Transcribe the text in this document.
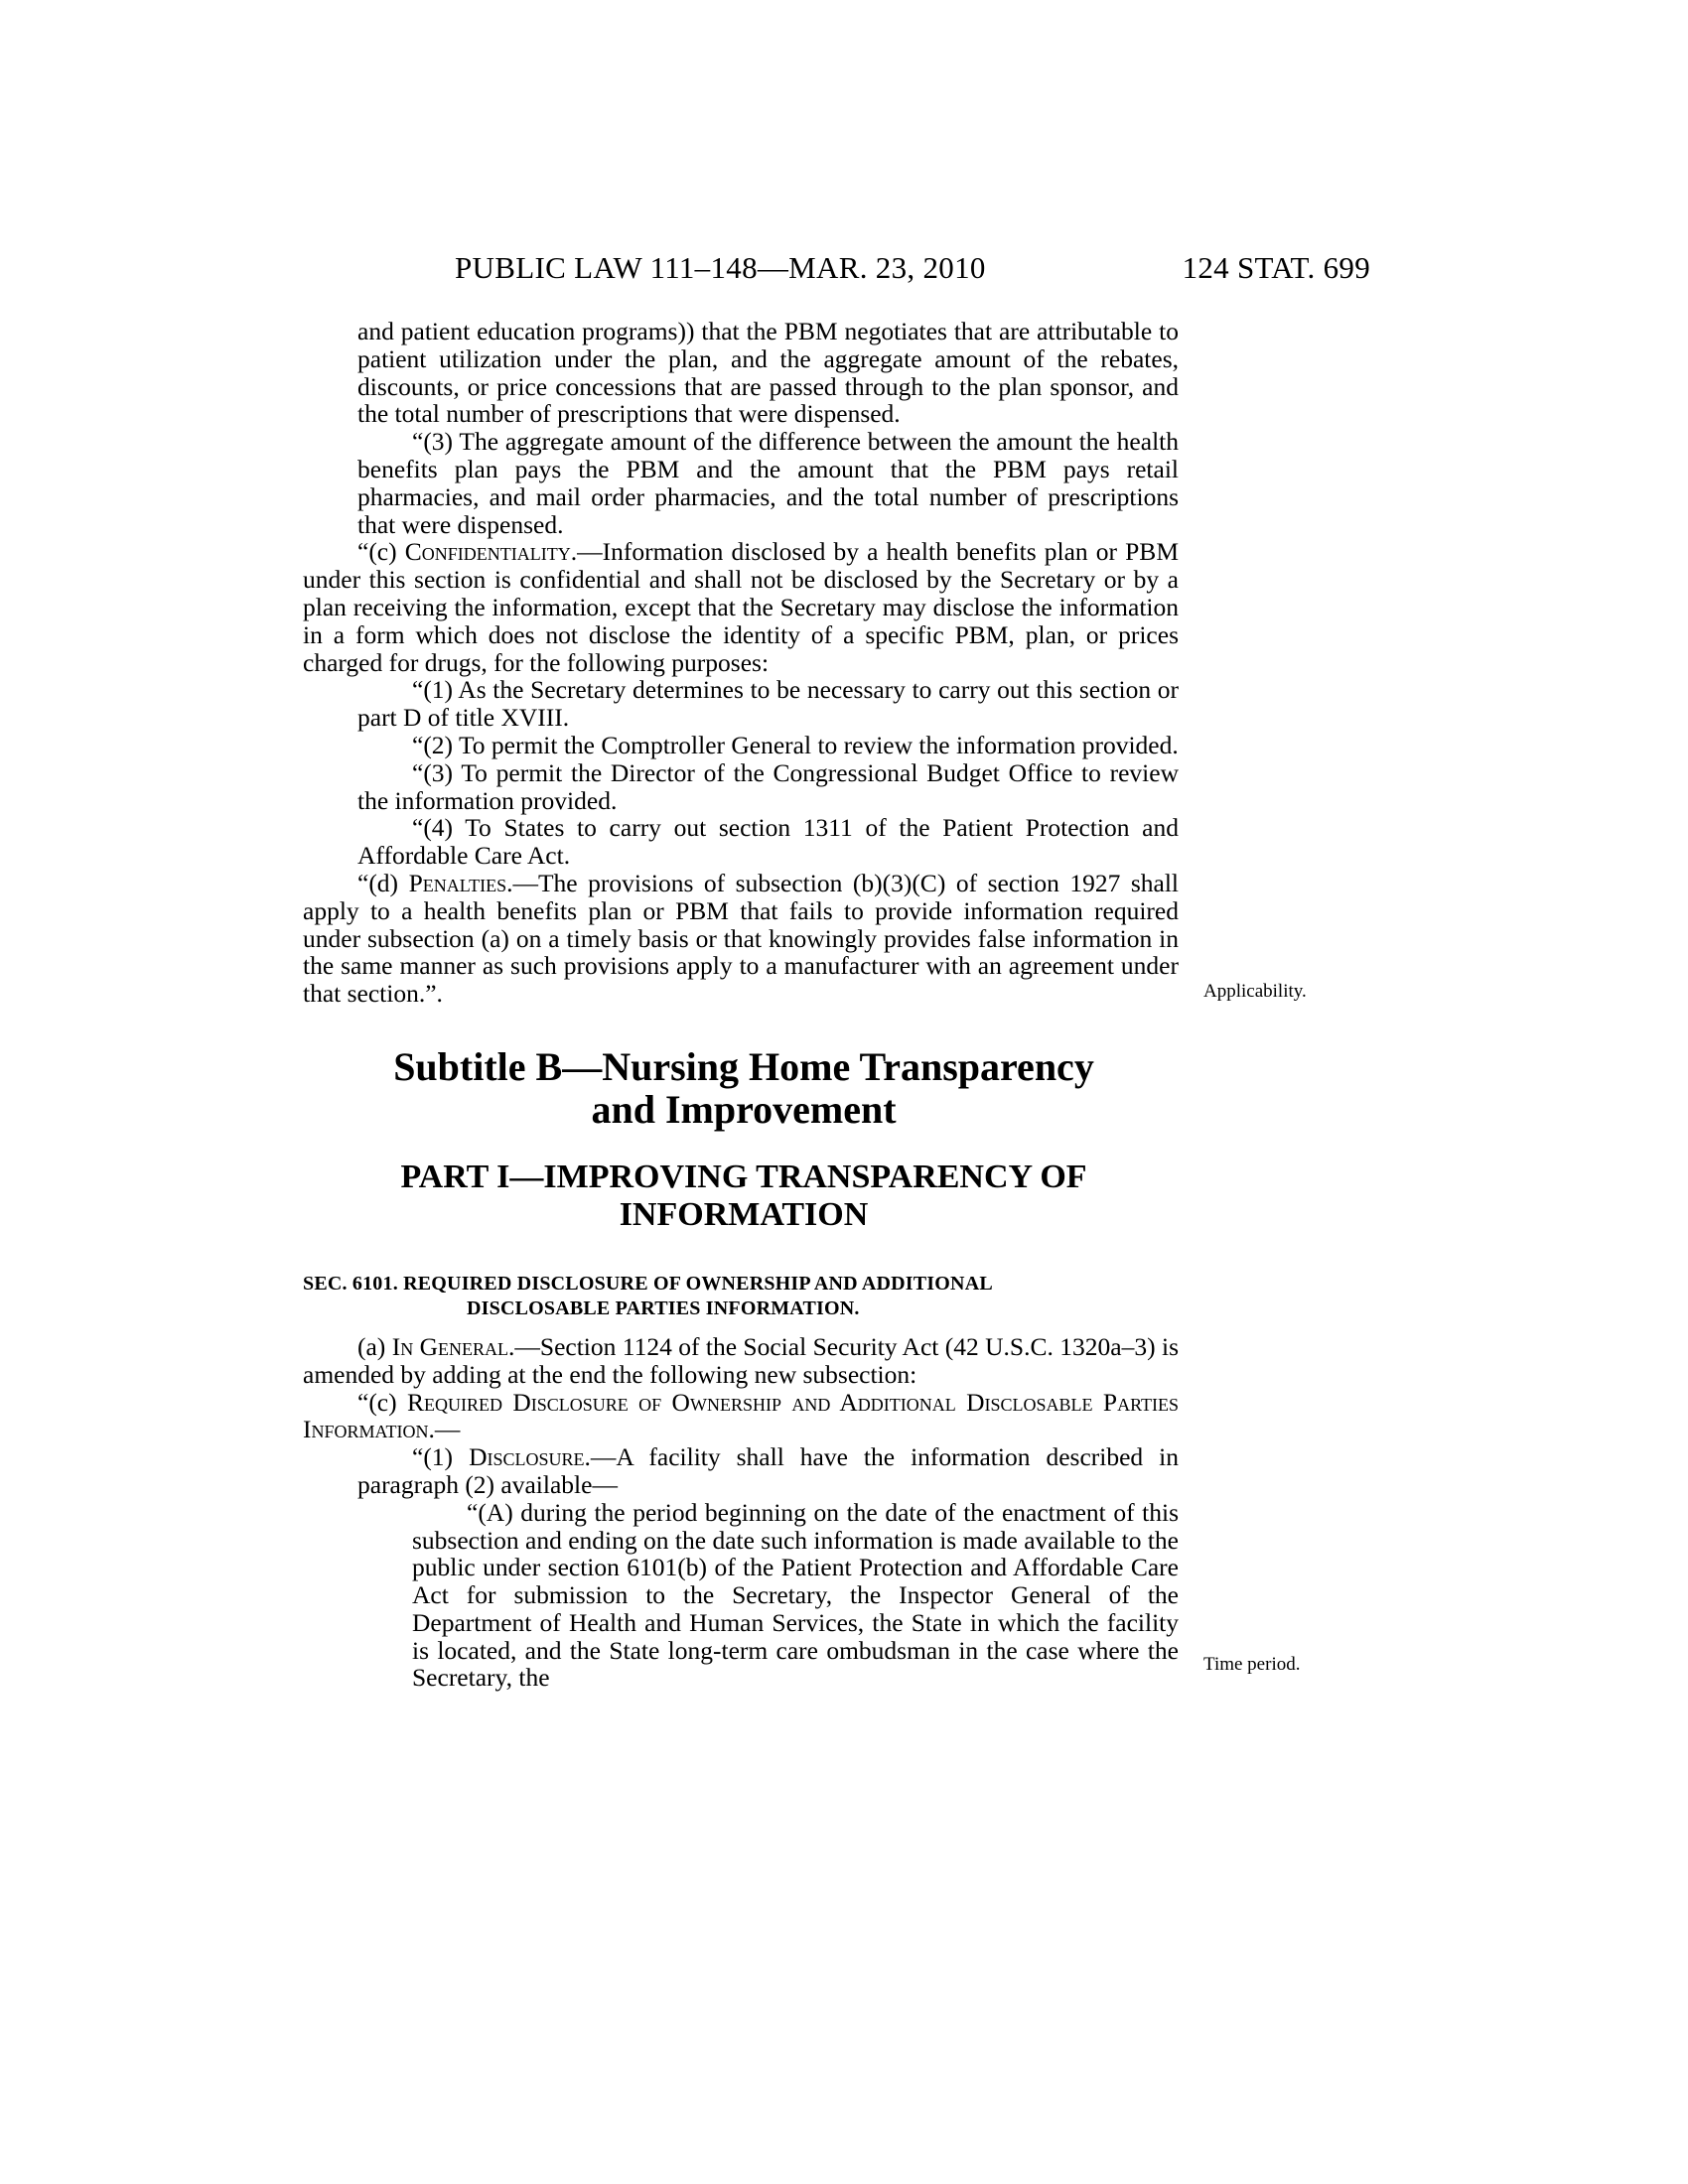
PUBLIC LAW 111–148—MAR. 23, 2010	124 STAT. 699

and patient education programs)) that the PBM negotiates that are attributable to patient utilization under the plan, and the aggregate amount of the rebates, discounts, or price concessions that are passed through to the plan sponsor, and the total number of prescriptions that were dispensed.

“(3) The aggregate amount of the difference between the amount the health benefits plan pays the PBM and the amount that the PBM pays retail pharmacies, and mail order pharmacies, and the total number of prescriptions that were dispensed.

“(c) Confidentiality.—Information disclosed by a health benefits plan or PBM under this section is confidential and shall not be disclosed by the Secretary or by a plan receiving the information, except that the Secretary may disclose the information in a form which does not disclose the identity of a specific PBM, plan, or prices charged for drugs, for the following purposes:

“(1) As the Secretary determines to be necessary to carry out this section or part D of title XVIII.

“(2) To permit the Comptroller General to review the information provided.

“(3) To permit the Director of the Congressional Budget Office to review the information provided.

“(4) To States to carry out section 1311 of the Patient Protection and Affordable Care Act.

“(d) Penalties.—The provisions of subsection (b)(3)(C) of section 1927 shall apply to a health benefits plan or PBM that fails to provide information required under subsection (a) on a timely basis or that knowingly provides false information in the same manner as such provisions apply to a manufacturer with an agreement under that section.”.

Subtitle B—Nursing Home Transparency
and Improvement
PART I—IMPROVING TRANSPARENCY OF
INFORMATION
SEC. 6101. REQUIRED DISCLOSURE OF OWNERSHIP AND ADDITIONAL
DISCLOSABLE PARTIES INFORMATION.

(a) In General.—Section 1124 of the Social Security Act (42 U.S.C. 1320a–3) is amended by adding at the end the following new subsection:

“(c) Required Disclosure of Ownership and Additional Disclosable Parties Information.—

“(1) Disclosure.—A facility shall have the information described in paragraph (2) available—

“(A) during the period beginning on the date of the enactment of this subsection and ending on the date such information is made available to the public under section 6101(b) of the Patient Protection and Affordable Care Act for submission to the Secretary, the Inspector General of the Department of Health and Human Services, the State in which the facility is located, and the State long-term care ombudsman in the case where the Secretary, the

Applicability.
Time period.
